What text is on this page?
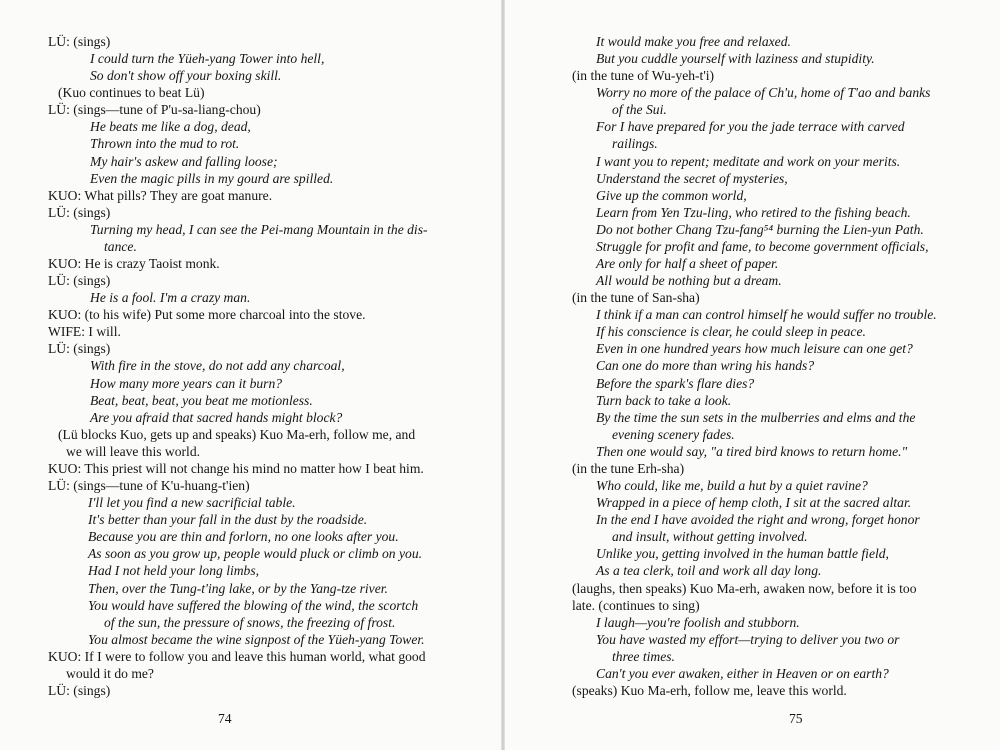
LÜ: (sings)
I could turn the Yüeh-yang Tower into hell,
So don't show off your boxing skill.
(Kuo continues to beat Lü)
LÜ: (sings—tune of P'u-sa-liang-chou)
He beats me like a dog, dead,
Thrown into the mud to rot.
My hair's askew and falling loose;
Even the magic pills in my gourd are spilled.
KUO: What pills? They are goat manure.
LÜ: (sings)
Turning my head, I can see the Pei-mang Mountain in the dis-
tance.
KUO: He is crazy Taoist monk.
LÜ: (sings)
He is a fool. I'm a crazy man.
KUO: (to his wife) Put some more charcoal into the stove.
WIFE: I will.
LÜ: (sings)
With fire in the stove, do not add any charcoal,
How many more years can it burn?
Beat, beat, beat, you beat me motionless.
Are you afraid that sacred hands might block?
(Lü blocks Kuo, gets up and speaks) Kuo Ma-erh, follow me, and
we will leave this world.
KUO: This priest will not change his mind no matter how I beat him.
LÜ: (sings—tune of K'u-huang-t'ien)
I'll let you find a new sacrificial table.
It's better than your fall in the dust by the roadside.
Because you are thin and forlorn, no one looks after you.
As soon as you grow up, people would pluck or climb on you.
Had I not held your long limbs,
Then, over the Tung-t'ing lake, or by the Yang-tze river.
You would have suffered the blowing of the wind, the scortch
of the sun, the pressure of snows, the freezing of frost.
You almost became the wine signpost of the Yüeh-yang Tower.
KUO: If I were to follow you and leave this human world, what good
would it do me?
LÜ: (sings)
74
It would make you free and relaxed.
But you cuddle yourself with laziness and stupidity.
(in the tune of Wu-yeh-t'i)
Worry no more of the palace of Ch'u, home of T'ao and banks
of the Sui.
For I have prepared for you the jade terrace with carved
railings.
I want you to repent; meditate and work on your merits.
Understand the secret of mysteries,
Give up the common world,
Learn from Yen Tzu-ling, who retired to the fishing beach.
Do not bother Chang Tzu-fang⁵⁴ burning the Lien-yun Path.
Struggle for profit and fame, to become government officials,
Are only for half a sheet of paper.
All would be nothing but a dream.
(in the tune of San-sha)
I think if a man can control himself he would suffer no trouble.
If his conscience is clear, he could sleep in peace.
Even in one hundred years how much leisure can one get?
Can one do more than wring his hands?
Before the spark's flare dies?
Turn back to take a look.
By the time the sun sets in the mulberries and elms and the
evening scenery fades.
Then one would say, "a tired bird knows to return home."
(in the tune Erh-sha)
Who could, like me, build a hut by a quiet ravine?
Wrapped in a piece of hemp cloth, I sit at the sacred altar.
In the end I have avoided the right and wrong, forget honor
and insult, without getting involved.
Unlike you, getting involved in the human battle field,
As a tea clerk, toil and work all day long.
(laughs, then speaks) Kuo Ma-erh, awaken now, before it is too
late. (continues to sing)
I laugh—you're foolish and stubborn.
You have wasted my effort—trying to deliver you two or
three times.
Can't you ever awaken, either in Heaven or on earth?
(speaks) Kuo Ma-erh, follow me, leave this world.
75
